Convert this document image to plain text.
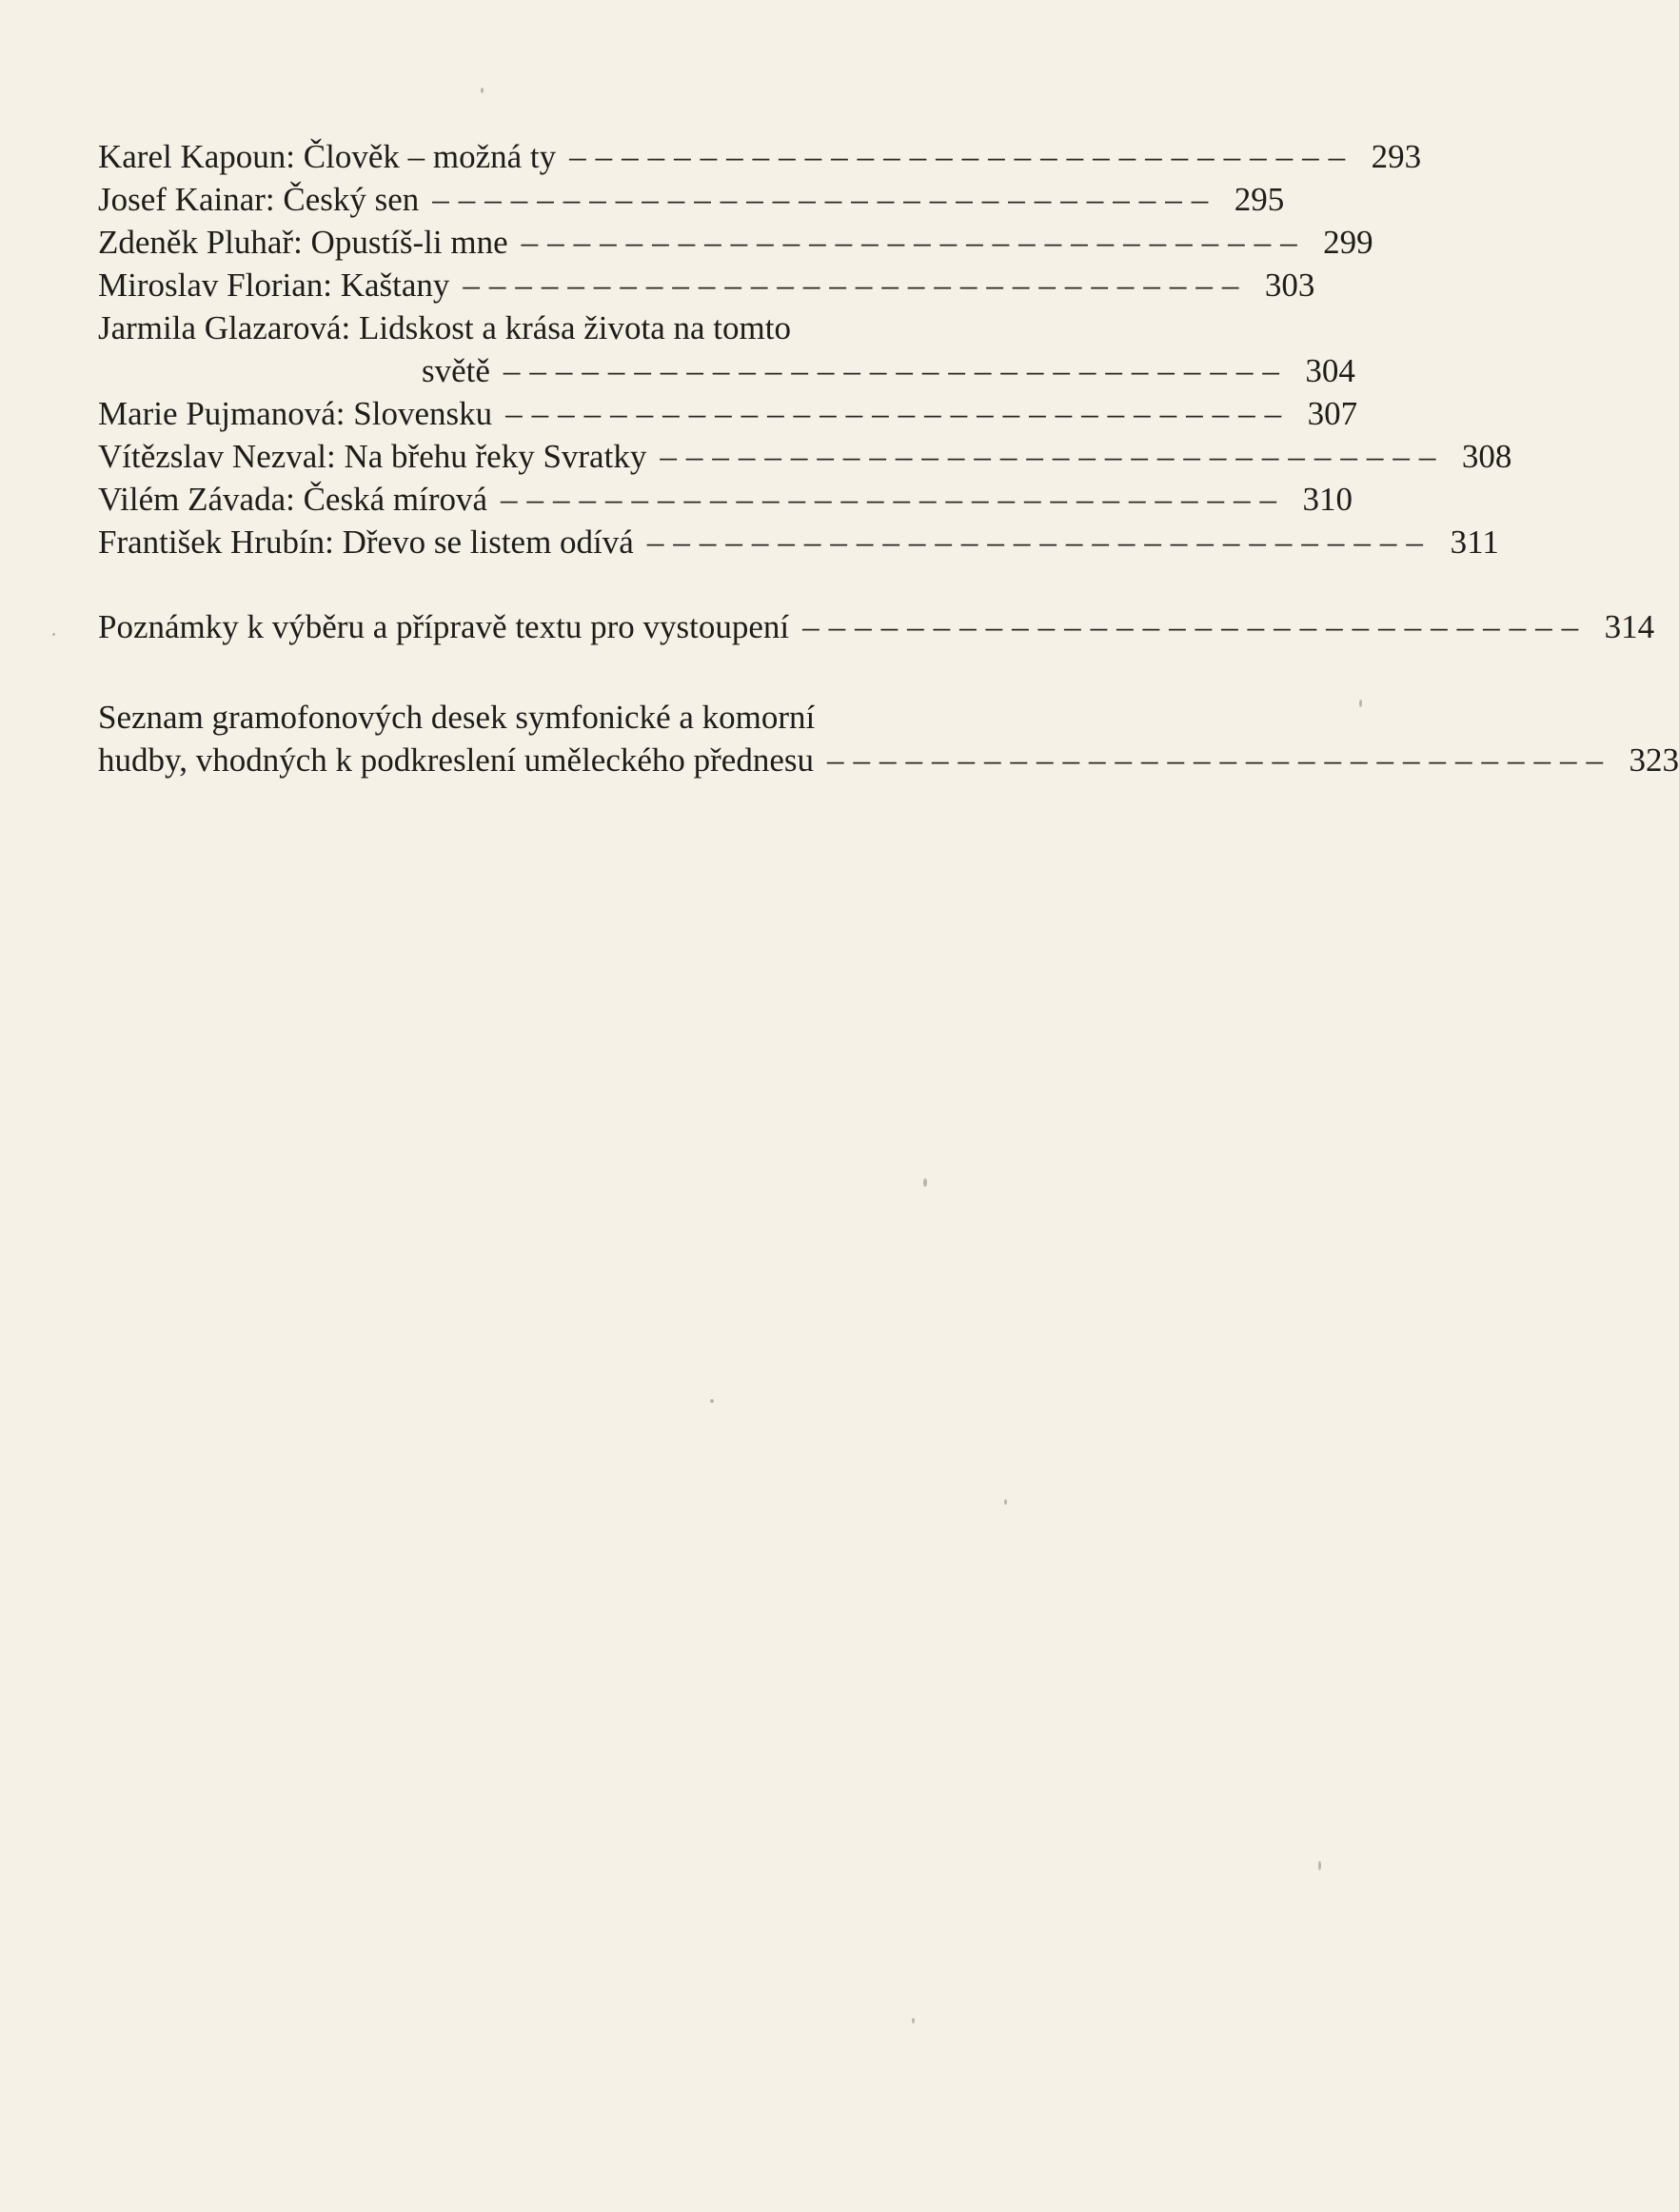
Karel Kapoun: Člověk – možná ty –––––––––––––––––––––––––––––– 293
Josef Kainar: Český sen –––––––––––––––––––––––––––––– 295
Zdeněk Pluhař: Opustíš-li mne –––––––––––––––––––––––––––––– 299
Miroslav Florian: Kaštany –––––––––––––––––––––––––––––– 303
Jarmila Glazarová: Lidskost a krása života na tomto
světě –––––––––––––––––––––––––––––– 304
Marie Pujmanová: Slovensku –––––––––––––––––––––––––––––– 307
Vítězslav Nezval: Na břehu řeky Svratky –––––––––––––––––––––––––––––– 308
Vilém Závada: Česká mírová –––––––––––––––––––––––––––––– 310
František Hrubín: Dřevo se listem odívá –––––––––––––––––––––––––––––– 311
Poznámky k výběru a přípravě textu pro vystoupení –––––––––––––––––––––––––––––– 314
Seznam gramofonových desek symfonické a komorní
hudby, vhodných k podkreslení uměleckého přednesu –––––––––––––––––––––––––––––– 323
